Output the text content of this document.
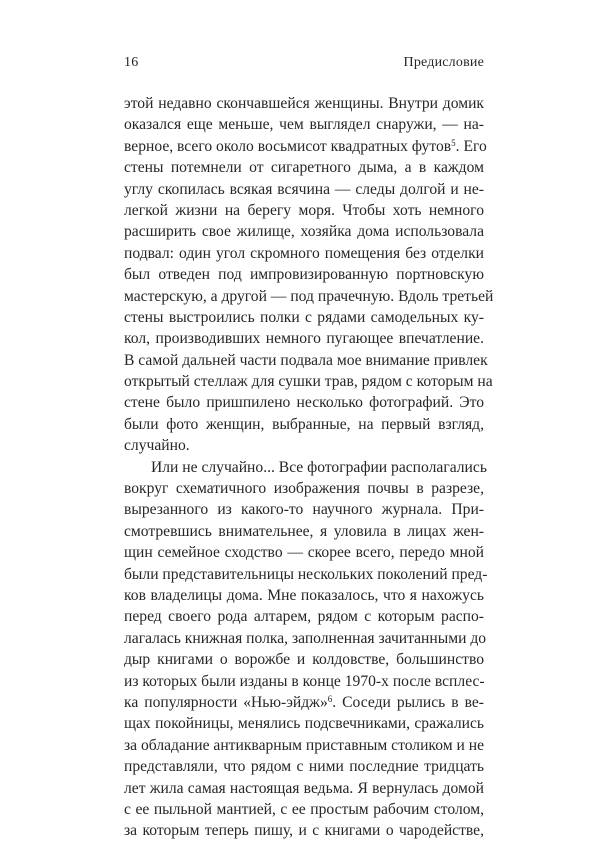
16	Предисловие
этой недавно скончавшейся женщины. Внутри домик
оказался еще меньше, чем выглядел снаружи, — на-
верное, всего около восьмисот квадратных футов$^5$. Его
стены потемнели от сигаретного дыма, а в каждом
углу скопилась всякая всячина — следы долгой и не-
легкой жизни на берегу моря. Чтобы хоть немного
расширить свое жилище, хозяйка дома использовала
подвал: один угол скромного помещения без отделки
был отведен под импровизированную портновскую
мастерскую, а другой — под прачечную. Вдоль третьей
стены выстроились полки с рядами самодельных ку-
кол, производивших немного пугающее впечатление.
В самой дальней части подвала мое внимание привлек
открытый стеллаж для сушки трав, рядом с которым на
стене было пришпилено несколько фотографий. Это
были фото женщин, выбранные, на первый взгляд,
случайно.
Или не случайно... Все фотографии располагались
вокруг схематичного изображения почвы в разрезе,
вырезанного из какого-то научного журнала. При-
смотревшись внимательнее, я уловила в лицах жен-
щин семейное сходство — скорее всего, передо мной
были представительницы нескольких поколений пред-
ков владелицы дома. Мне показалось, что я нахожусь
перед своего рода алтарем, рядом с которым распо-
лагалась книжная полка, заполненная зачитанными до
дыр книгами о ворожбе и колдовстве, большинство
из которых были изданы в конце 1970-х после всплес-
ка популярности «Нью-эйдж»$^6$. Соседи рылись в ве-
щах покойницы, менялись подсвечниками, сражались
за обладание антикварным приставным столиком и не
представляли, что рядом с ними последние тридцать
лет жила самая настоящая ведьма. Я вернулась домой
с ее пыльной мантией, с ее простым рабочим столом,
за которым теперь пишу, и с книгами о чародействе,
